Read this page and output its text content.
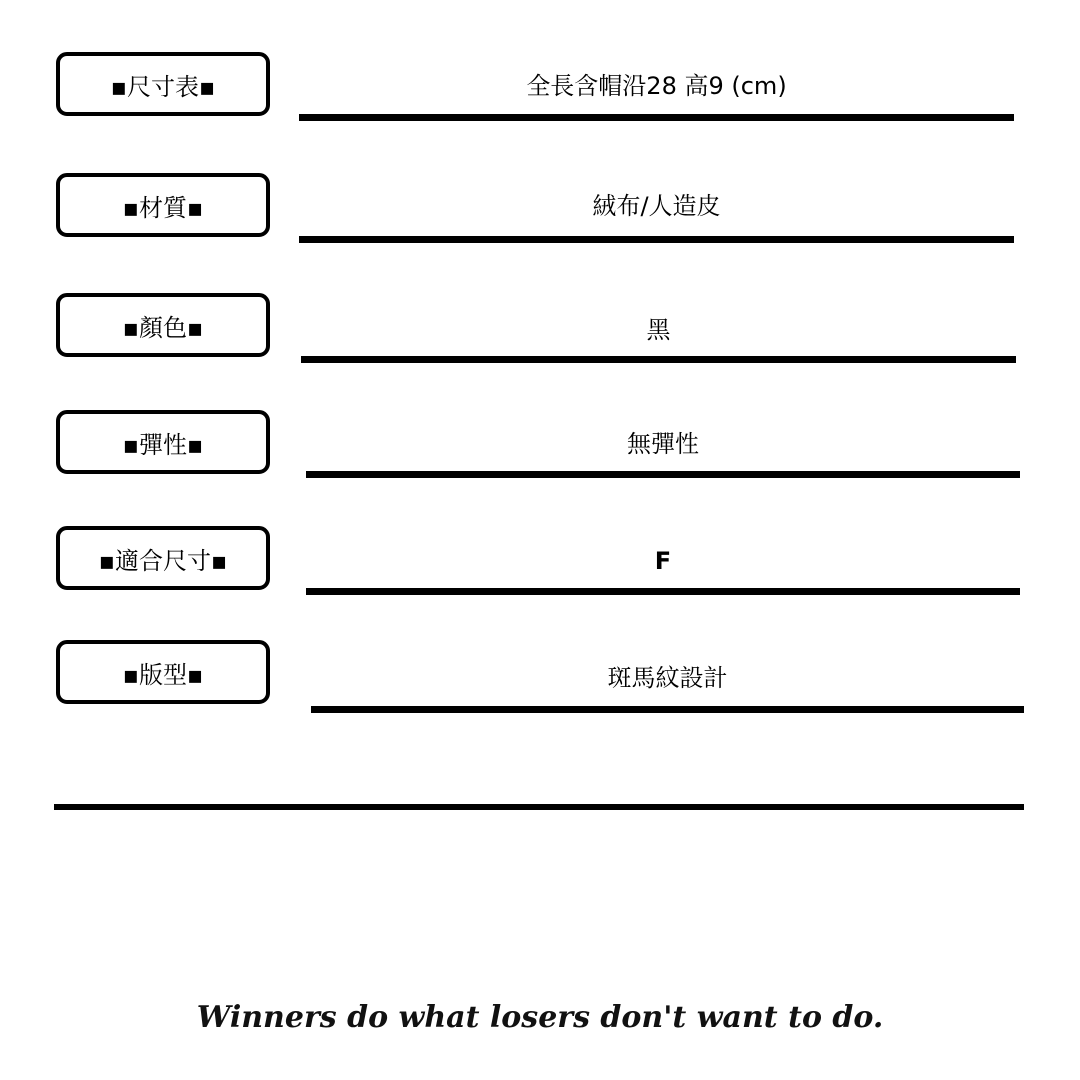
▪尺寸表▪	全長含帽沿28 高9 (cm)
▪材質▪	絨布/人造皮
▪顏色▪	黑
▪彈性▪	無彈性
▪適合尺寸▪	F
▪版型▪	斑馬紋設計
Winners do what losers don't want to do.
